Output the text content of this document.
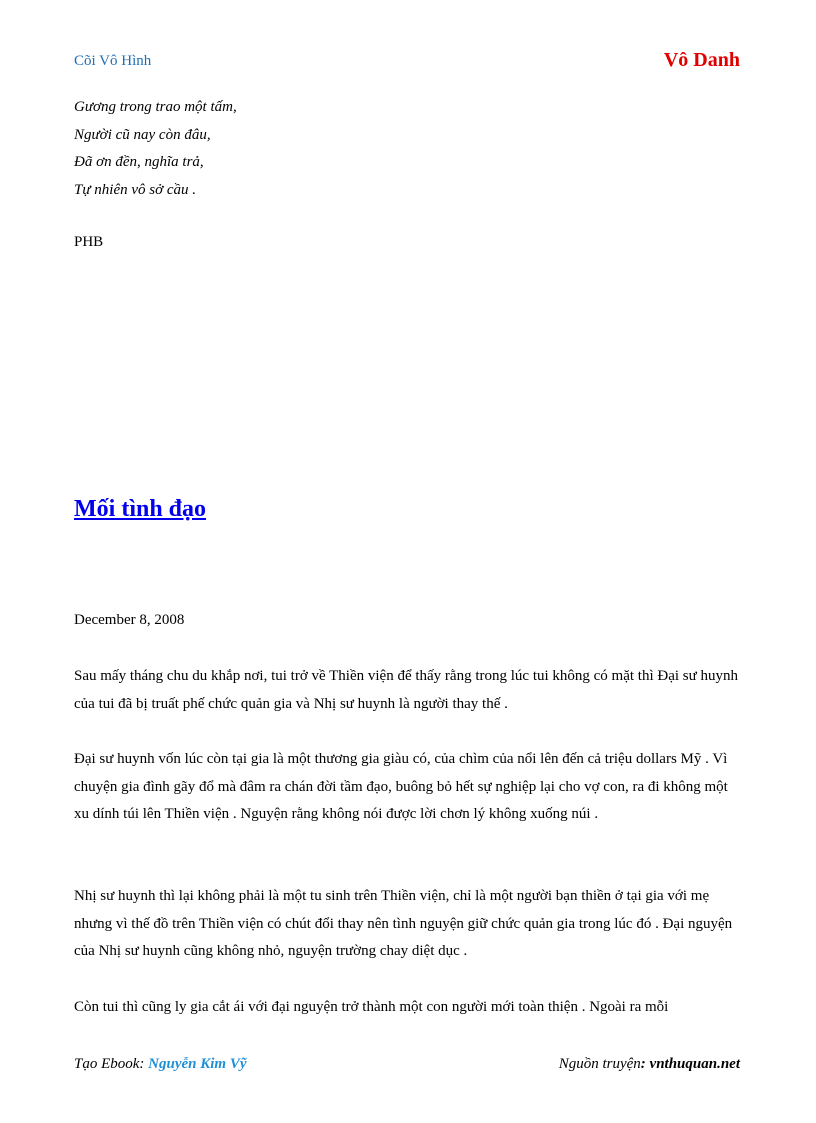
Cõi Vô Hình	Vô Danh
Gương trong trao một tấm,
Người cũ nay còn đâu,
Đã ơn đền, nghĩa trả,
Tự nhiên vô sở cầu .
PHB
Mối tình đạo
December 8, 2008
Sau mấy tháng chu du khắp nơi, tui trở về Thiền viện để thấy rằng trong lúc tui không có mặt thì Đại sư huynh của tui đã bị truất phế chức quản gia và Nhị sư huynh là người thay thế .
Đại sư huynh vốn lúc còn tại gia là một thương gia giàu có, của chìm của nổi lên đến cả triệu dollars Mỹ . Vì chuyện gia đình gãy đổ mà đâm ra chán đời tầm đạo, buông bỏ hết sự nghiệp lại cho vợ con, ra đi không một xu dính túi lên Thiền viện . Nguyện rằng không nói được lời chơn lý không xuống núi .
Nhị sư huynh thì lại không phải là một tu sinh trên Thiền viện, chỉ là một người bạn thiền ở tại gia với mẹ nhưng vì thế đồ trên Thiền viện có chút đổi thay nên tình nguyện giữ chức quản gia trong lúc đó . Đại nguyện của Nhị sư huynh cũng không nhỏ, nguyện trường chay diệt dục .
Còn tui thì cũng ly gia cắt ái với đại nguyện trở thành một con người mới toàn thiện . Ngoài ra mỗi
Tạo Ebook: Nguyễn Kim Vỹ	Nguồn truyện: vnthuquan.net
